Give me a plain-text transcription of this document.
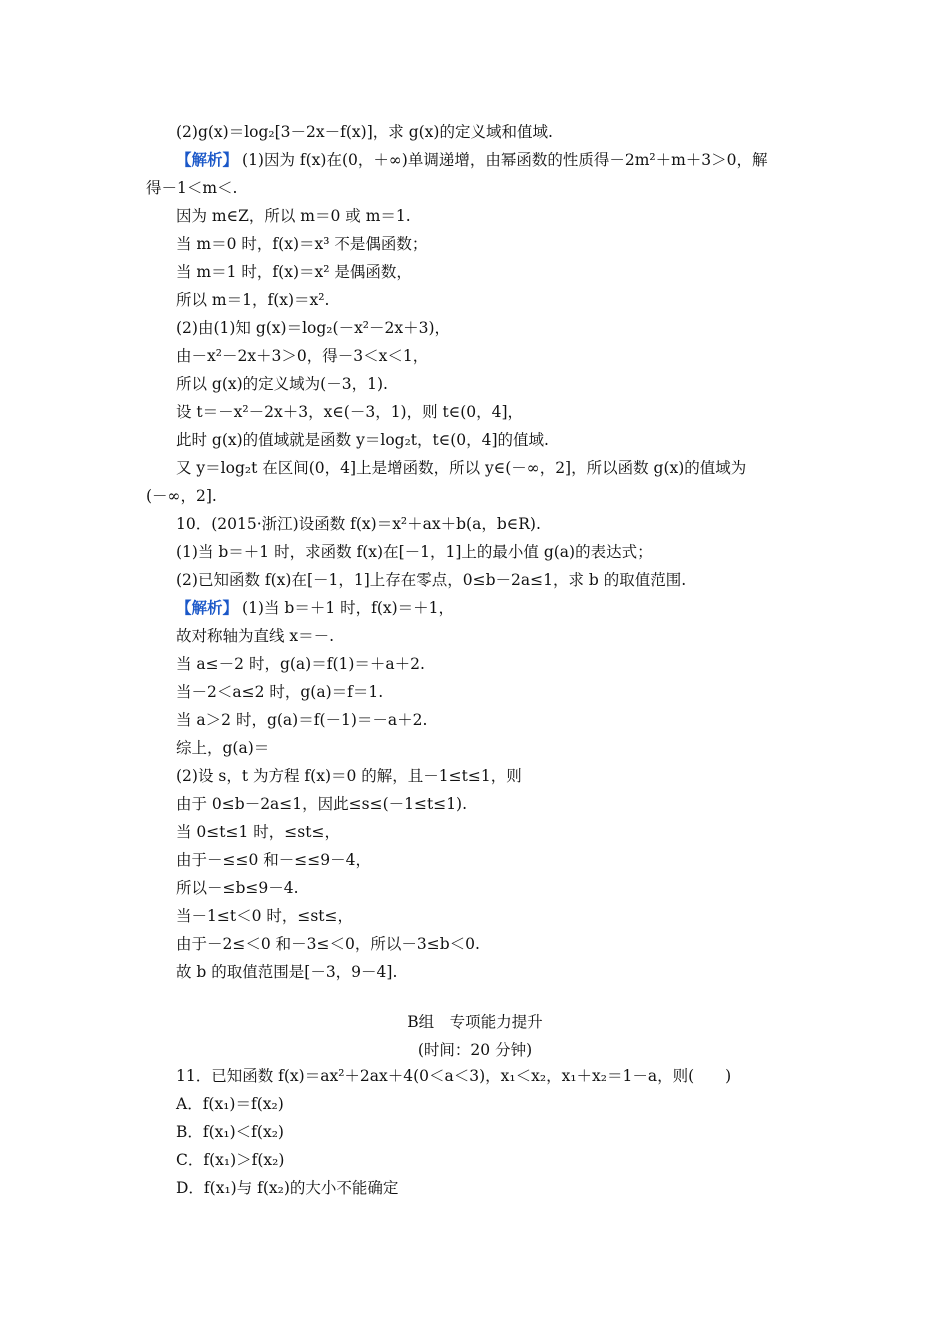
(2)g(x)＝log₂[3－2x－f(x)]，求 g(x)的定义域和值域.
【解析】 (1)因为 f(x)在(0，＋∞)单调递增，由幂函数的性质得－2m²＋m＋3＞0，解
得－1＜m＜.
因为 m∈Z，所以 m＝0 或 m＝1.
当 m＝0 时，f(x)＝x³ 不是偶函数；
当 m＝1 时，f(x)＝x² 是偶函数，
所以 m＝1，f(x)＝x².
(2)由(1)知 g(x)＝log₂(－x²－2x＋3)，
由－x²－2x＋3＞0，得－3＜x＜1，
所以 g(x)的定义域为(－3，1).
设 t＝－x²－2x＋3，x∈(－3，1)，则 t∈(0，4]，
此时 g(x)的值域就是函数 y＝log₂t，t∈(0，4]的值域.
又 y＝log₂t 在区间(0，4]上是增函数，所以 y∈(－∞，2]，所以函数 g(x)的值域为
(－∞，2].
10．(2015·浙江)设函数 f(x)＝x²＋ax＋b(a，b∈R).
(1)当 b＝＋1 时，求函数 f(x)在[－1，1]上的最小值 g(a)的表达式；
(2)已知函数 f(x)在[－1，1]上存在零点，0≤b－2a≤1，求 b 的取值范围.
【解析】 (1)当 b＝＋1 时，f(x)＝＋1，
故对称轴为直线 x＝－.
当 a≤－2 时，g(a)＝f(1)＝＋a＋2.
当－2＜a≤2 时，g(a)＝f＝1.
当 a＞2 时，g(a)＝f(－1)＝－a＋2.
综上，g(a)＝
(2)设 s，t 为方程 f(x)＝0 的解，且－1≤t≤1，则
由于 0≤b－2a≤1，因此≤s≤(－1≤t≤1).
当 0≤t≤1 时，≤st≤，
由于－≤≤0 和－≤≤9－4，
所以－≤b≤9－4.
当－1≤t＜0 时，≤st≤，
由于－2≤＜0 和－3≤＜0，所以－3≤b＜0.
故 b 的取值范围是[－3，9－4].
B组　专项能力提升
(时间：20 分钟)
11．已知函数 f(x)＝ax²＋2ax＋4(0＜a＜3)，x₁＜x₂，x₁＋x₂＝1－a，则(　　)
A．f(x₁)＝f(x₂)
B．f(x₁)＜f(x₂)
C．f(x₁)＞f(x₂)
D．f(x₁)与 f(x₂)的大小不能确定
